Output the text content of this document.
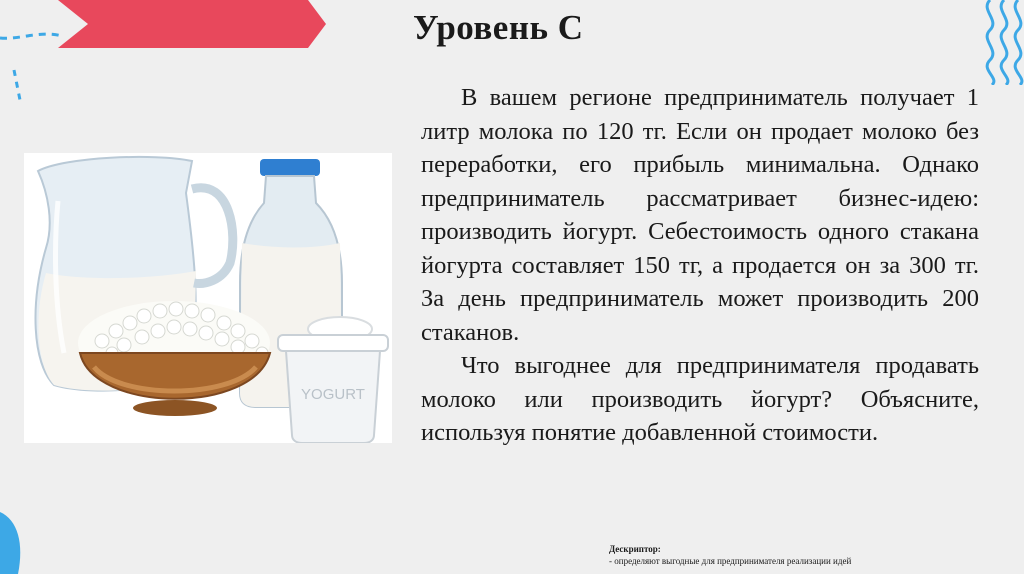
Уровень С
YOGURT

В вашем регионе предприниматель получает 1 литр молока по 120 тг. Если он продает молоко без переработки, его прибыль минимальна. Однако предприниматель рассматривает бизнес-идею: производить йогурт. Себестоимость одного стакана йогурта составляет 150 тг, а продается он за 300 тг. За день предприниматель может производить 200 стаканов.

Что выгоднее для предпринимателя продавать молоко или производить йогурт? Объясните, используя понятие добавленной стоимости.

Дескриптор:
- определяют выгодные для предпринимателя реализации идей
